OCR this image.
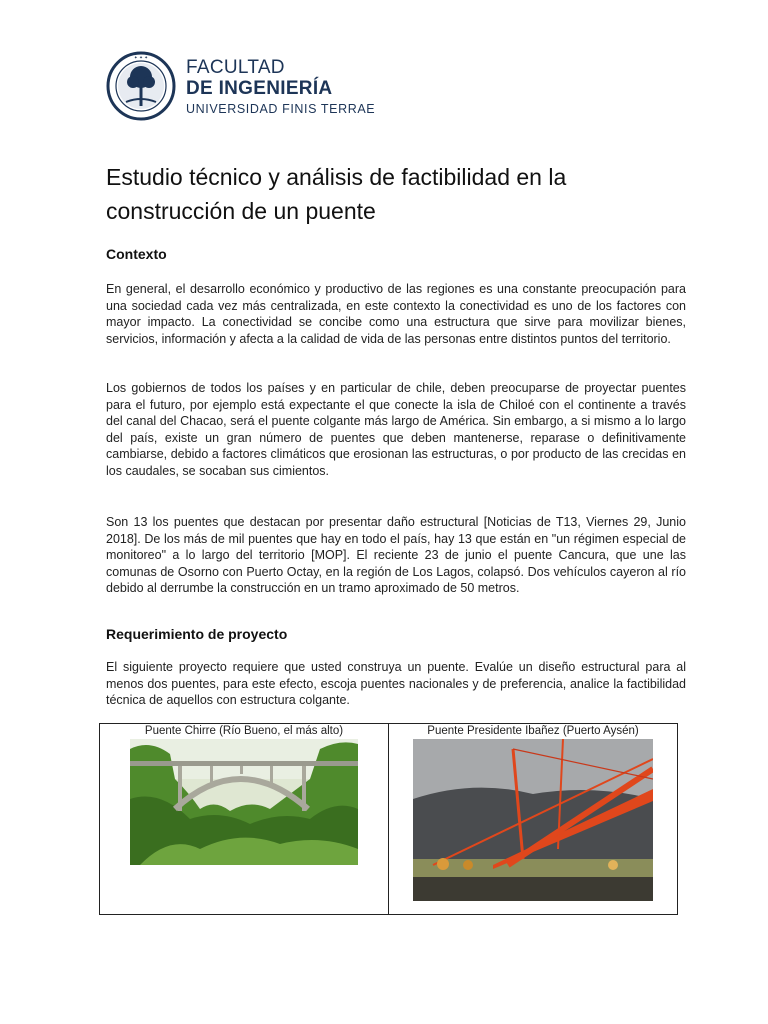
✦ ✦ ✦ FACULTAD
DE INGENIERÍA
UNIVERSIDAD FINIS TERRAE
Estudio técnico y análisis de factibilidad en la construcción de un puente
Contexto

En general, el desarrollo económico y productivo de las regiones es una constante preocupación para una sociedad cada vez más centralizada, en este contexto la conectividad es uno de los factores con mayor impacto. La conectividad se concibe como una estructura que sirve para movilizar bienes, servicios, información y afecta a la calidad de vida de las personas entre distintos puntos del territorio.

Los gobiernos de todos los países y en particular de chile, deben preocuparse de proyectar puentes para el futuro, por ejemplo está expectante el que conecte la isla de Chiloé con el continente a través del canal del Chacao, será el puente colgante más largo de América. Sin embargo, a si mismo a lo largo del país, existe un gran número de puentes que deben mantenerse, reparase o definitivamente cambiarse, debido a factores climáticos que erosionan las estructuras, o por producto de las crecidas en los caudales, se socaban sus cimientos.

Son 13 los puentes que destacan por presentar daño estructural [Noticias de T13, Viernes 29, Junio 2018]. De los más de mil puentes que hay en todo el país, hay 13 que están en "un régimen especial de monitoreo" a lo largo del territorio [MOP]. El reciente 23 de junio el puente Cancura, que une las comunas de Osorno con Puerto Octay, en la región de Los Lagos, colapsó. Dos vehículos cayeron al río debido al derrumbe la construcción en un tramo aproximado de 50 metros.

Requerimiento de proyecto

El siguiente proyecto requiere que usted construya un puente. Evalúe un diseño estructural para al menos dos puentes, para este efecto, escoja puentes nacionales y de preferencia, analice la factibilidad técnica de aquellos con estructura colgante.

Puente Chirre (Río Bueno, el más alto)	Puente Presidente Ibañez (Puerto Aysén)
